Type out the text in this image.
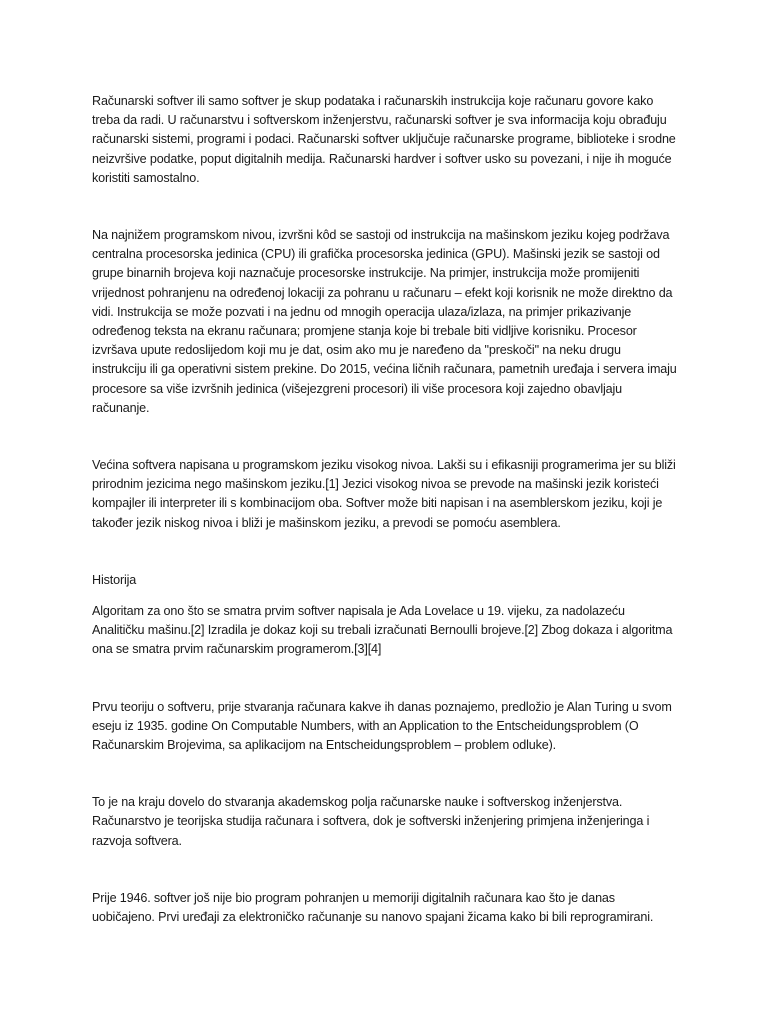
Računarski softver ili samo softver je skup podataka i računarskih instrukcija koje računaru govore kako treba da radi. U računarstvu i softverskom inženjerstvu, računarski softver je sva informacija koju obrađuju računarski sistemi, programi i podaci. Računarski softver uključuje računarske programe, biblioteke i srodne neizvršive podatke, poput digitalnih medija. Računarski hardver i softver usko su povezani, i nije ih moguće koristiti samostalno.

Na najnižem programskom nivou, izvršni kôd se sastoji od instrukcija na mašinskom jeziku kojeg podržava centralna procesorska jedinica (CPU) ili grafička procesorska jedinica (GPU). Mašinski jezik se sastoji od grupe binarnih brojeva koji naznačuje procesorske instrukcije. Na primjer, instrukcija može promijeniti vrijednost pohranjenu na određenoj lokaciji za pohranu u računaru – efekt koji korisnik ne može direktno da vidi. Instrukcija se može pozvati i na jednu od mnogih operacija ulaza/izlaza, na primjer prikazivanje određenog teksta na ekranu računara; promjene stanja koje bi trebale biti vidljive korisniku. Procesor izvršava upute redoslijedom koji mu je dat, osim ako mu je naređeno da "preskoči" na neku drugu instrukciju ili ga operativni sistem prekine. Do 2015, većina ličnih računara, pametnih uređaja i servera imaju procesore sa više izvršnih jedinica (višejezgreni procesori) ili više procesora koji zajedno obavljaju računanje.

Većina softvera napisana u programskom jeziku visokog nivoa. Lakši su i efikasniji programerima jer su bliži prirodnim jezicima nego mašinskom jeziku.[1] Jezici visokog nivoa se prevode na mašinski jezik koristeći kompajler ili interpreter ili s kombinacijom oba. Softver može biti napisan i na asemblerskom jeziku, koji je također jezik niskog nivoa i bliži je mašinskom jeziku, a prevodi se pomoću asemblera.

Historija

Algoritam za ono što se smatra prvim softver napisala je Ada Lovelace u 19. vijeku, za nadolazeću Analitičku mašinu.[2] Izradila je dokaz koji su trebali izračunati Bernoulli brojeve.[2] Zbog dokaza i algoritma ona se smatra prvim računarskim programerom.[3][4]

Prvu teoriju o softveru, prije stvaranja računara kakve ih danas poznajemo, predložio je Alan Turing u svom eseju iz 1935. godine On Computable Numbers, with an Application to the Entscheidungsproblem (O Računarskim Brojevima, sa aplikacijom na Entscheidungsproblem – problem odluke).

To je na kraju dovelo do stvaranja akademskog polja računarske nauke i softverskog inženjerstva. Računarstvo je teorijska studija računara i softvera, dok je softverski inženjering primjena inženjeringa i razvoja softvera.

Prije 1946. softver još nije bio program pohranjen u memoriji digitalnih računara kao što je danas uobičajeno. Prvi uređaji za elektroničko računanje su nanovo spajani žicama kako bi bili reprogramirani.
